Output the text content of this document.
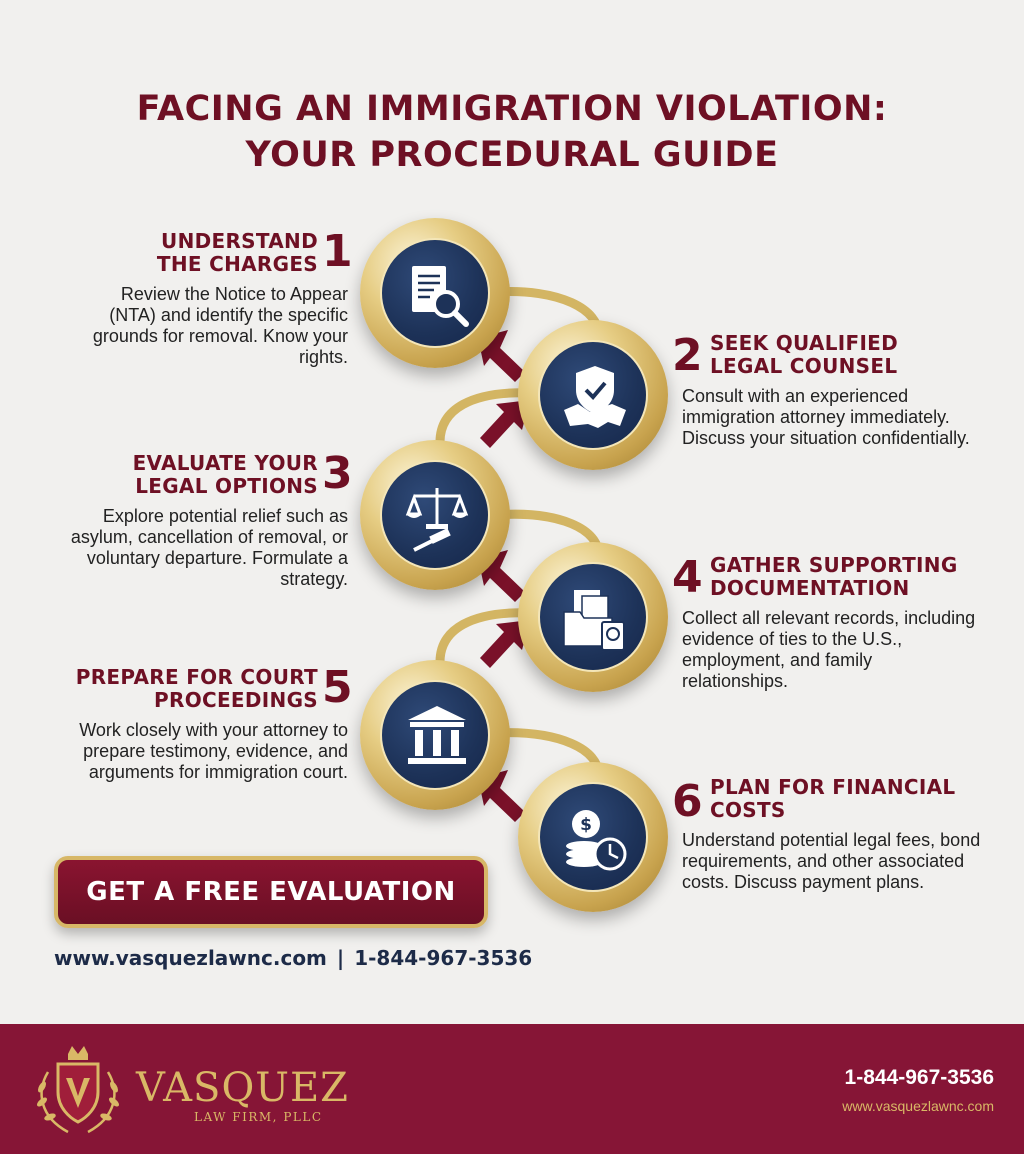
FACING AN IMMIGRATION VIOLATION:
YOUR PROCEDURAL GUIDE
$
UNDERSTAND
THE CHARGES 1
Review the Notice to Appear (NTA) and identify the specific grounds for removal. Know your rights.	2 SEEK QUALIFIED
LEGAL COUNSEL
Consult with an experienced immigration attorney immediately. Discuss your situation confidentially.
EVALUATE YOUR
LEGAL OPTIONS 3
Explore potential relief such as asylum, cancellation of removal, or voluntary departure. Formulate a strategy.	4 GATHER SUPPORTING
DOCUMENTATION
Collect all relevant records, including evidence of ties to the U.S., employment, and family relationships.
PREPARE FOR COURT
PROCEEDINGS 5
Work closely with your attorney to prepare testimony, evidence, and arguments for immigration court.
6 PLAN FOR FINANCIAL
COSTS
Understand potential legal fees, bond requirements, and other associated costs. Discuss payment plans.
GET A FREE EVALUATION
www.vasquezlawnc.com | 1-844-967-3536
VASQUEZ
LAW FIRM, PLLC
1-844-967-3536
www.vasquezlawnc.com
